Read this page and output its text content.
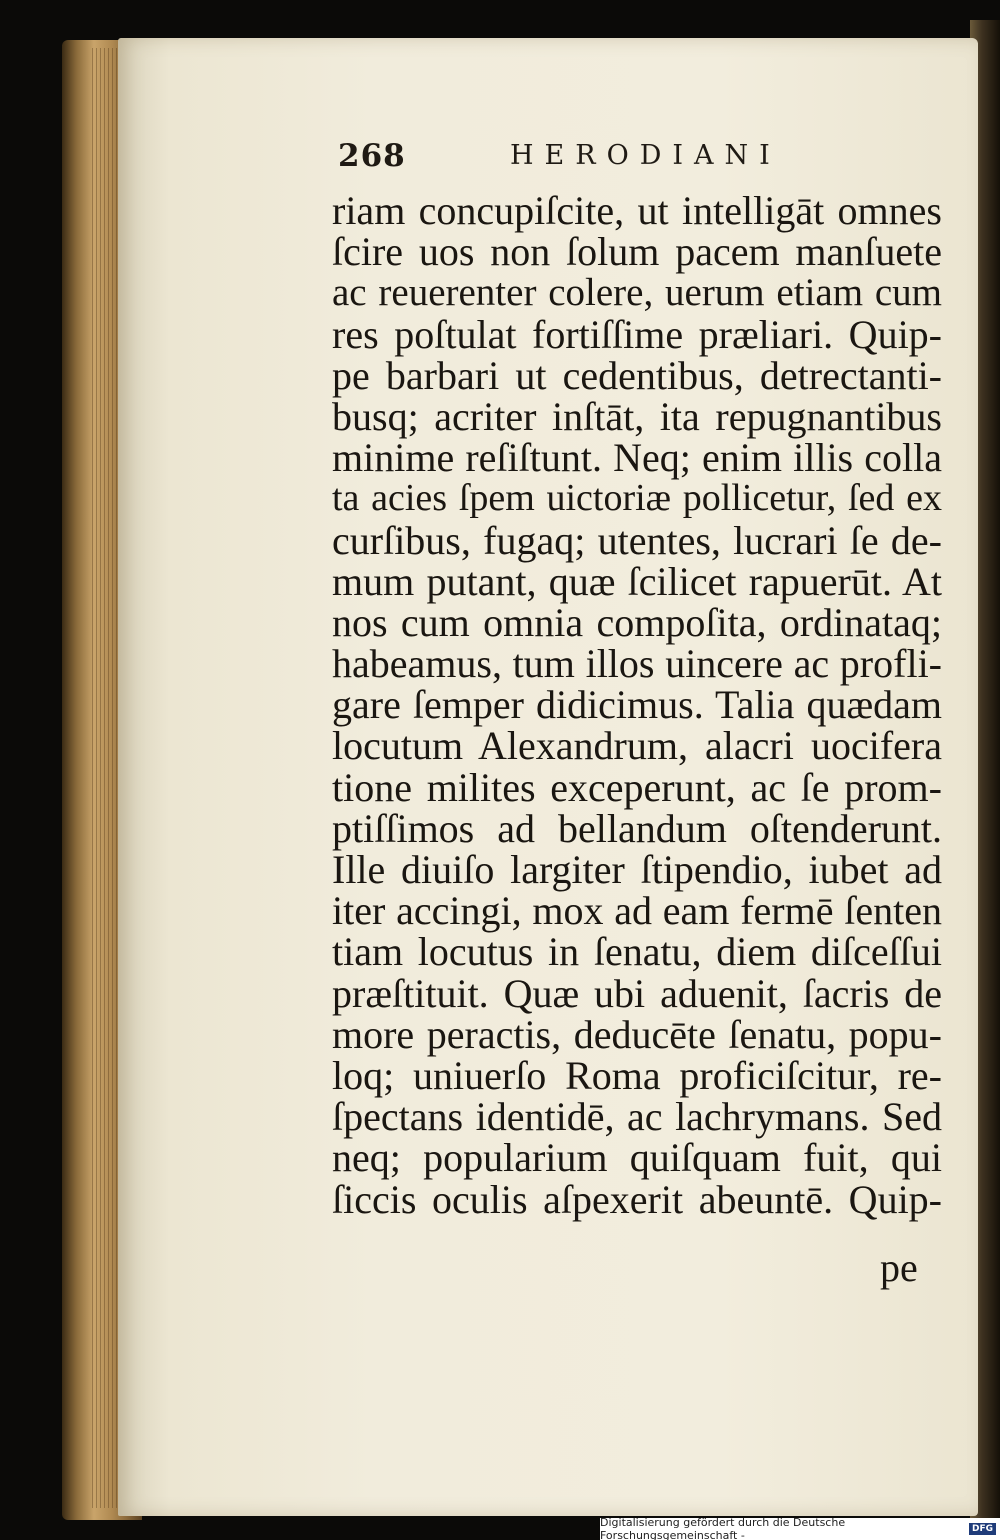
268	HERODIANI
riam concupiſcite, ut intelligāt omnes
ſcire uos non ſolum pacem manſuete
ac reuerenter colere, uerum etiam cum
res poſtulat fortiſſime præliari. Quip-
pe barbari ut cedentibus, detrectanti-
busq; acriter inſtāt, ita repugnantibus
minime reſiſtunt. Neq; enim illis colla
ta acies ſpem uictoriæ pollicetur, ſed ex
curſibus, fugaq; utentes, lucrari ſe de-
mum putant, quæ ſcilicet rapuerūt. At
nos cum omnia compoſita, ordinataq;
habeamus, tum illos uincere ac profli-
gare ſemper didicimus. Talia quædam
locutum Alexandrum, alacri uocifera
tione milites exceperunt, ac ſe prom-
ptiſſimos ad bellandum oſtenderunt.
Ille diuiſo largiter ſtipendio, iubet ad
iter accingi, mox ad eam fermē ſenten
tiam locutus in ſenatu, diem diſceſſui
præſtituit. Quæ ubi aduenit, ſacris de
more peractis, deducēte ſenatu, popu-
loq; uniuerſo Roma proficiſcitur, re-
ſpectans identidē, ac lachrymans. Sed
neq; popularium quiſquam fuit, qui
ſiccis oculis aſpexerit abeuntē. Quip-
pe
Digitalisierung gefördert durch die Deutsche Forschungsgemeinschaft -	DFG
